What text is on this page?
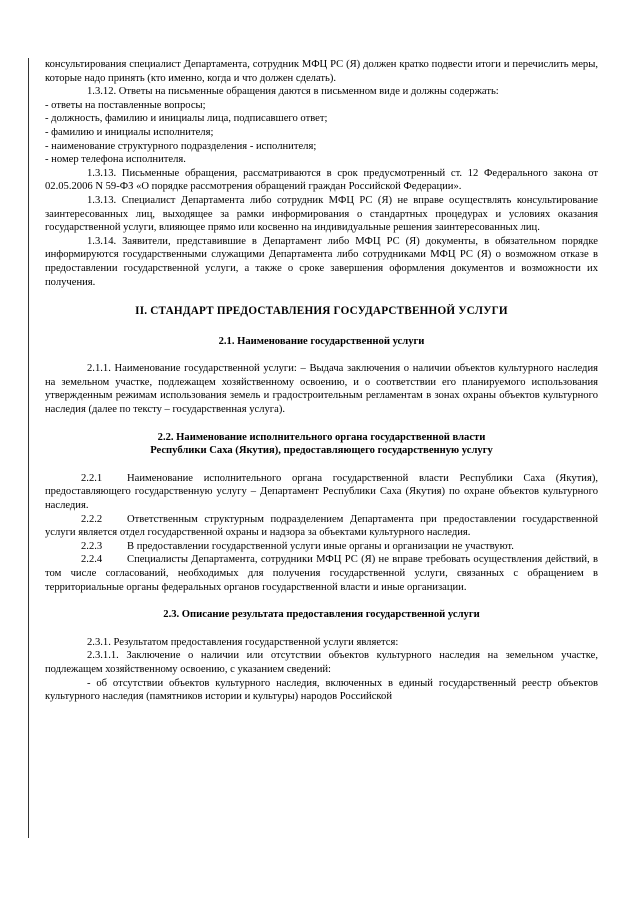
консультирования специалист Департамента, сотрудник МФЦ РС (Я) должен кратко подвести итоги и перечислить меры, которые надо принять (кто именно, когда и что должен сделать).

1.3.12. Ответы на письменные обращения даются в письменном виде и должны содержать:

- ответы на поставленные вопросы;

- должность, фамилию и инициалы лица, подписавшего ответ;

- фамилию и инициалы исполнителя;

- наименование структурного подразделения - исполнителя;

- номер телефона исполнителя.

1.3.13. Письменные обращения, рассматриваются в срок предусмотренный ст. 12 Федерального закона от 02.05.2006 N 59-ФЗ «О порядке рассмотрения обращений граждан Российской Федерации».

1.3.13. Специалист Департамента либо сотрудник МФЦ РС (Я) не вправе осуществлять консультирование заинтересованных лиц, выходящее за рамки информирования о стандартных процедурах и условиях оказания государственной услуги, влияющее прямо или косвенно на индивидуальные решения заинтересованных лиц.

1.3.14. Заявители, представившие в Департамент либо МФЦ РС (Я) документы, в обязательном порядке информируются государственными служащими Департамента либо сотрудниками МФЦ РС (Я) о возможном отказе в предоставлении государственной услуги, а также о сроке завершения оформления документов и возможности их получения.

II. СТАНДАРТ ПРЕДОСТАВЛЕНИЯ ГОСУДАРСТВЕННОЙ УСЛУГИ

2.1. Наименование государственной услуги

2.1.1. Наименование государственной услуги: – Выдача заключения о наличии объектов культурного наследия на земельном участке, подлежащем хозяйственному освоению, и о соответствии его планируемого использования утвержденным режимам использования земель и градостроительным регламентам в зонах охраны объектов культурного наследия (далее по тексту – государственная услуга).

2.2. Наименование исполнительного органа государственной власти

Республики Саха (Якутия), предоставляющего государственную услугу

2.2.1 Наименование исполнительного органа государственной власти Республики Саха (Якутия), предоставляющего государственную услугу – Департамент Республики Саха (Якутия) по охране объектов культурного наследия.

2.2.2 Ответственным структурным подразделением Департамента при предоставлении государственной услуги является отдел государственной охраны и надзора за объектами культурного наследия.

2.2.3 В предоставлении государственной услуги иные органы и организации не участвуют.

2.2.4 Специалисты Департамента, сотрудники МФЦ РС (Я) не вправе требовать осуществления действий, в том числе согласований, необходимых для получения государственной услуги, связанных с обращением в территориальные органы федеральных органов государственной власти и иные организации.

2.3. Описание результата предоставления государственной услуги

2.3.1. Результатом предоставления государственной услуги является:

2.3.1.1. Заключение о наличии или отсутствии объектов культурного наследия на земельном участке, подлежащем хозяйственному освоению, с указанием сведений:

- об отсутствии объектов культурного наследия, включенных в единый государственный реестр объектов культурного наследия (памятников истории и культуры) народов Российской
